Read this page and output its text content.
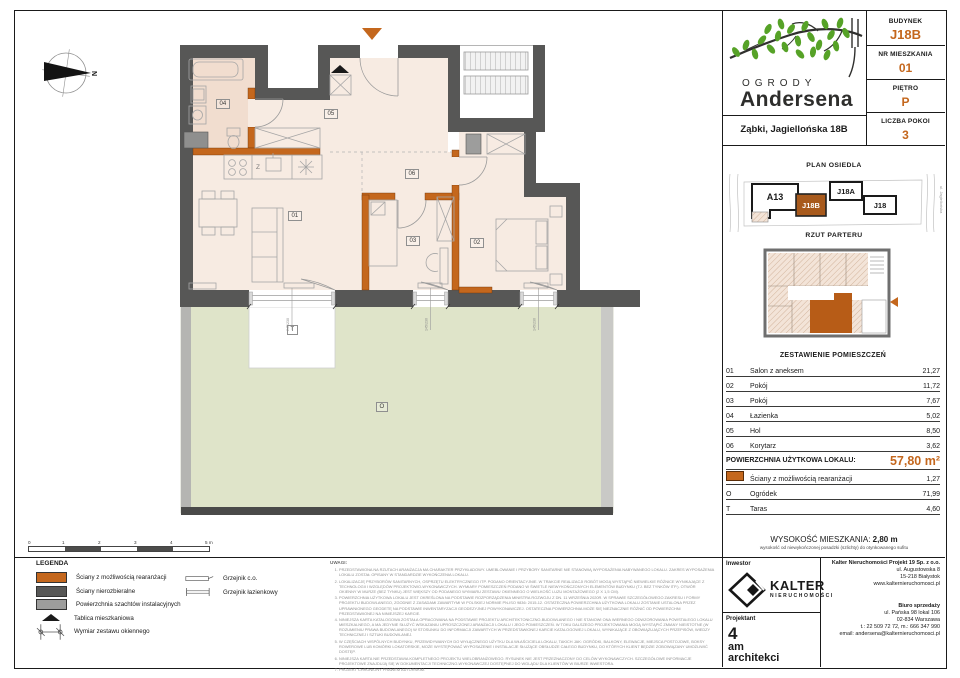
245/230	145/230	145/230
Z
N
01
02
03
04
05
06
T
O
OGRODY
Andersena
Ząbki, Jagiellońska 18B
BUDYNEK
J18B
NR MIESZKANIA
01
PIĘTRO
P
LICZBA POKOI
3
PLAN OSIEDLA
A13
J18B
J18A
J18	ul. Jagiellońska
RZUT PARTERU
ZESTAWIENIE POMIESZCZEŃ
01	Salon z aneksem	21,27
02	Pokój	11,72
03	Pokój	7,67
04	Łazienka	5,02
05	Hol	8,50
06	Korytarz	3,62
POWIERZCHNIA UŻYTKOWA LOKALU:	57,80 m²
Ściany z możliwością rearanżacji	1,27
O	Ogródek	71,99
T	Taras	4,60
WYSOKOŚĆ MIESZKANIA: 2,80 m
wysokość od niewykończonej posadzki (szlichty) do otynkowanego sufitu
0	1	2	3	4	5 m
LEGENDA
Ściany z możliwością rearanżacji
Ściany nierozbieralne
Powierzchnia szachtów instalacyjnych
Tablica mieszkaniowa
Wymiar zestawu okiennego
Grzejnik c.o.
Grzejnik łazienkowy
UWAGI:
1. PRZEDSTAWIONA NA RZUTACH ARANŻACJA MA CHARAKTER PRZYKŁADOWY. UMEBLOWANIE I PRZYBORY SANITARNE NIE STANOWIĄ WYPOSAŻENIA NABYWANEGO LOKALU. ZAKRES WYPOSAŻENIA LOKALU ZOSTAŁ OPISANY W STANDARDZIE WYKOŃCZENIA LOKALU.
2. LOKALIZACJĘ PRZYBORÓW SANITARNYCH, OSPRZĘTU ELEKTRYCZNEGO ITP. PODANO ORIENTACYJNIE. W TRAKCIE REALIZACJI ROBÓT MOGĄ WYSTĄPIĆ NIEWIELKIE RÓŻNICE WYNIKAJĄCE Z TECHNOLOGII I WZGLĘDÓW PROJEKTOWO-WYKONAWCZYCH. WYMIARY POMIESZCZEŃ PODANO W ŚWIETLE NIEWYKOŃCZONYCH ELEMENTÓW BUDYNKU (TJ. BEZ TYNKÓW ITP.). OTWÓR OKIENNY W MURZE (BEZ TYNKU) JEST WIĘKSZY OD PODANEGO WYMIARU ZESTAWU OKIENNEGO O WIELKOŚĆ LUZU MONTAŻOWEGO (2 X 1,5 CM).
3. POWIERZCHNIA UŻYTKOWA LOKALU JEST OKREŚLONA NA PODSTAWIE ROZPORZĄDZENIA MINISTRA ROZWOJU Z DN. 11 WRZEŚNIA 2020R. W SPRAWIE SZCZEGÓŁOWEGO ZAKRESU I FORMY PROJEKTU BUDOWLANEGO, ZGODNIE Z ZASADAMI ZAWARTYMI W POLSKIEJ NORMIE PN-ISO 9836: 2015-12. OSTATECZNA POWIERZCHNIA UŻYTKOWA LOKALU ZOSTANIE USTALONA PRZEZ UPRAWNIONEGO GEODETĘ NA PODSTAWIE INWENTARYZACJI GEODEZYJNEJ POWYKONAWCZEJ. OSTATECZNA POWIERZCHNIA MOŻE SIĘ NIEZNACZNIE RÓŻNIĆ OD POWIERZCHNI PRZEDSTAWIONEJ NA NINIEJSZEJ KARCIE.
4. NINIEJSZA KARTA KATALOGOWA ZOSTAŁA OPRACOWANA NA PODSTAWIE PROJEKTU ARCHITEKTONICZNO-BUDOWLANEGO I NIE STANOWI ONA WIERNEGO ODWZOROWANIA POWSTAŁEGO LOKALU MIESZKALNEGO, A MA JEDYNIE SŁUŻYĆ WSKAZANIU UPROSZCZONEJ ARANŻACJI LOKALU I JEGO POMIESZCZEŃ. W TOKU DALSZEGO PROJEKTOWANIA MOGĄ WYSTĄPIĆ ZMIANY NIEISTOTNE (W ROZUMIENIU PRAWA BUDOWLANEGO) W STOSUNKU DO INFORMACJI ZAWARTYCH W PRZEDSTAWIONEJ KARCIE KATALOGOWEJ LOKALU, WYNIKAJĄCE Z OBOWIĄZUJĄCYCH PRZEPISÓW, WIEDZY TECHNICZNEJ I SZTUKI BUDOWLANEJ.
5. W CZĘŚCIACH WSPÓLNYCH BUDYNKU, PRZEWIDYWANYCH DO WYŁĄCZNEGO UŻYTKU DLA WŁAŚCICIELA LOKALU, TAKICH JAK: OGRÓDKI, BALKONY, ELEWACJE, MIEJSCA POSTOJOWE, BOKSY ROWEROWE LUB KOMÓRKI LOKATORSKIE, MOŻE WYSTĘPOWAĆ WYPOSAŻENIE I INSTALACJE SŁUŻĄCE OBSŁUDZE CAŁEGO BUDYNKU, DO KTÓRYCH KLIENT BĘDZIE ZOBOWIĄZANY UMOŻLIWIĆ DOSTĘP.
6. NINIEJSZA KARTA NIE PRZEDSTAWIA KOMPLETNEGO PROJEKTU WIELOBRANŻOWEGO. RYSUNEK NIE JEST PRZEZNACZONY DO CELÓW WYKONAWCZYCH. SZCZEGÓŁOWE INFORMACJE PROJEKTOWE ZNAJDUJĄ SIĘ W DOKUMENTACJI TECHNICZNO-WYKONAWCZEJ DOSTĘPNEJ DO WGLĄDU DLA KLIENTÓW W BIURZE INWESTORA.
7. PROJEKT CHRONIONY PRAWEM AUTORSKIM.
Inwestor
KALTER
NIERUCHOMOŚCI
Projektant
4
am
architekci
Kalter Nieruchomości Projekt 19 Sp. z o.o.
ul. Augustowska 8
15-218 Białystok
www.kalternieruchomosci.pl
Biuro sprzedaży
ul. Pańska 98 lokal 106
02-834 Warszawa
t.: 22 509 72 72, m.: 666 347 990
email: andersena@kalternieruchomosci.pl
